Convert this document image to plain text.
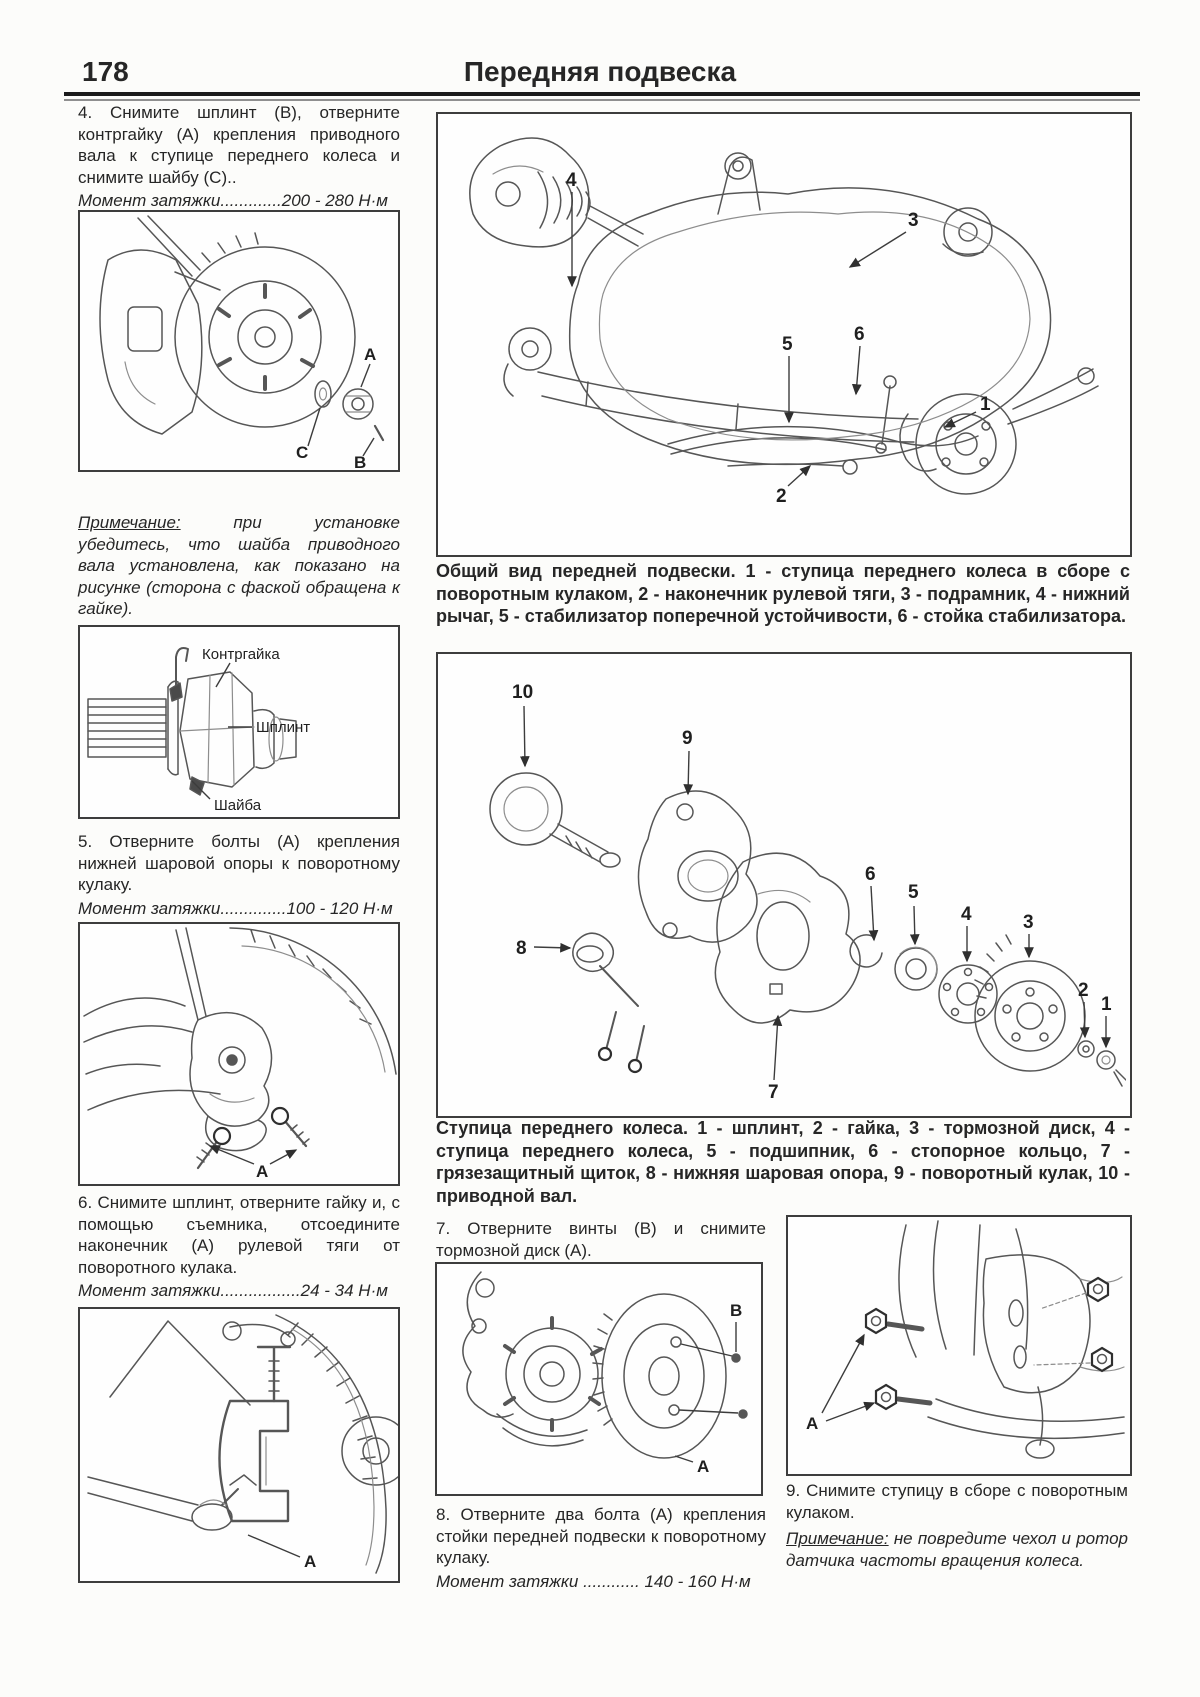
178	Передняя подвеска

4. Снимите шплинт (B), отверните контргайку (A) крепления приводного вала к ступице переднего колеса и снимите шайбу (C)..

Момент затяжки.............200 - 280 Н·м

A
C
B

Примечание: при установке убедитесь, что шайба приводного вала установлена, как показано на рисунке (сторона с фаской обращена к гайке).

Контргайка
Шплинт
Шайба

5. Отверните болты (A) крепления нижней шаровой опоры к поворотному кулаку.

Момент затяжки..............100 - 120 Н·м

A

6. Снимите шплинт, отверните гайку и, с помощью съемника, отсоедините наконечник (A) рулевой тяги от поворотного кулака.

Момент затяжки.................24 - 34 Н·м

A
4
3
5	6
1
2

Общий вид передней подвески. 1 - ступица переднего колеса в сборе с поворотным кулаком, 2 - наконечник рулевой тяги, 3 - подрамник, 4 - нижний рычаг, 5 - стабилизатор поперечной устойчивости, 6 - стойка стабилизатора.

10
9
8
7
6
5
4	3
2
1

Ступица переднего колеса. 1 - шплинт, 2 - гайка, 3 - тормозной диск, 4 - ступица переднего колеса, 5 - подшипник, 6 - стопорное кольцо, 7 - грязезащитный щиток, 8 - нижняя шаровая опора, 9 - поворотный кулак, 10 - приводной вал.

7. Отверните винты (B) и снимите тормозной диск (A).

B
A

8. Отверните два болта (A) крепления стойки передней подвески к поворотному кулаку.

Момент затяжки ............ 140 - 160 Н·м

A

9. Снимите ступицу в сборе с поворотным кулаком.

Примечание: не повредите чехол и ротор датчика частоты вращения колеса.
